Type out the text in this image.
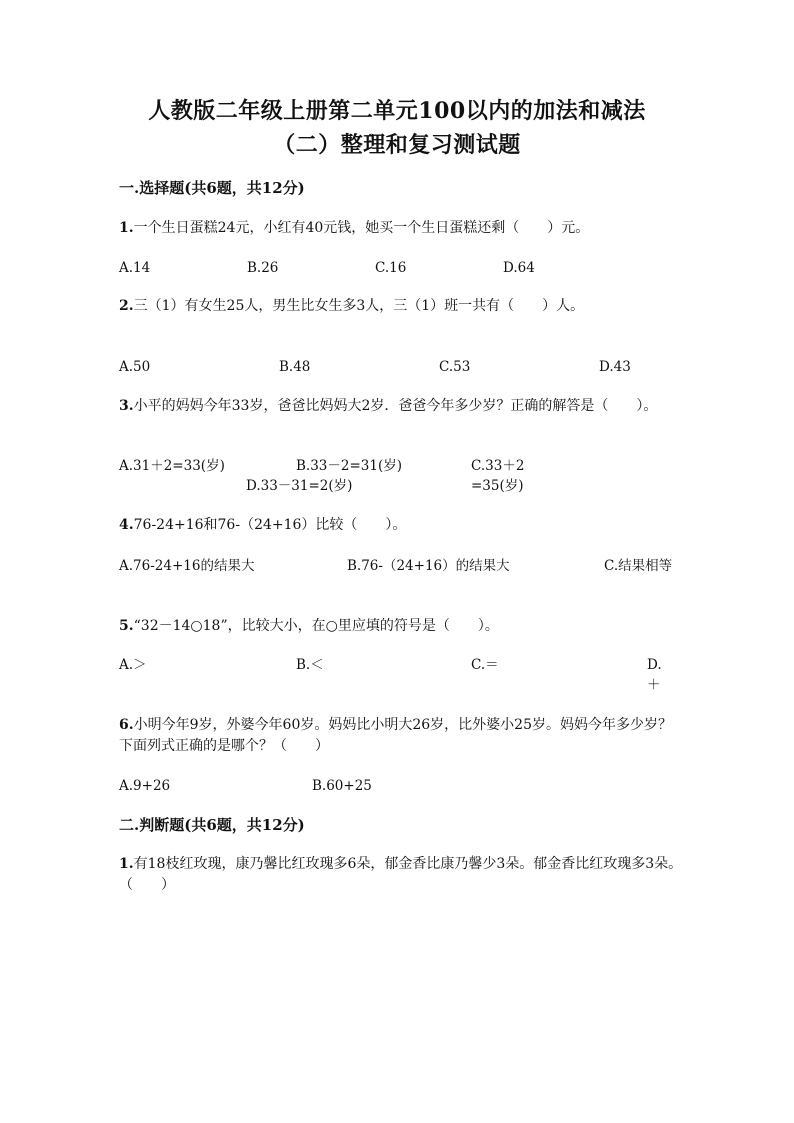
人教版二年级上册第二单元100以内的加法和减法
（二）整理和复习测试题
一.选择题(共6题，共12分)
1.一个生日蛋糕24元，小红有40元钱，她买一个生日蛋糕还剩（　　）元。
A.14	B.26	C.16	D.64
2.三（1）有女生25人，男生比女生多3人，三（1）班一共有（　　）人。
A.50	B.48	C.53	D.43
3.小平的妈妈今年33岁，爸爸比妈妈大2岁．爸爸今年多少岁？正确的解答是（　　）。
A.31＋2=33(岁)	B.33－2=31(岁)	C.33＋2=35(岁)
D.33－31=2(岁)
4.76-24+16和76-（24+16）比较（　　）。
A.76-24+16的结果大	B.76-（24+16）的结果大	C.结果相等
5.“32－14○18”，比较大小，在○里应填的符号是（　　）。
A.＞	B.＜	C.＝	D.＋
6.小明今年9岁，外婆今年60岁。妈妈比小明大26岁，比外婆小25岁。妈妈今年多少岁？下面列式正确的是哪个？（　　）
A.9+26	B.60+25
二.判断题(共6题，共12分)
1.有18枝红玫瑰，康乃馨比红玫瑰多6朵，郁金香比康乃馨少3朵。郁金香比红玫瑰多3朵。　　　　（　　）
